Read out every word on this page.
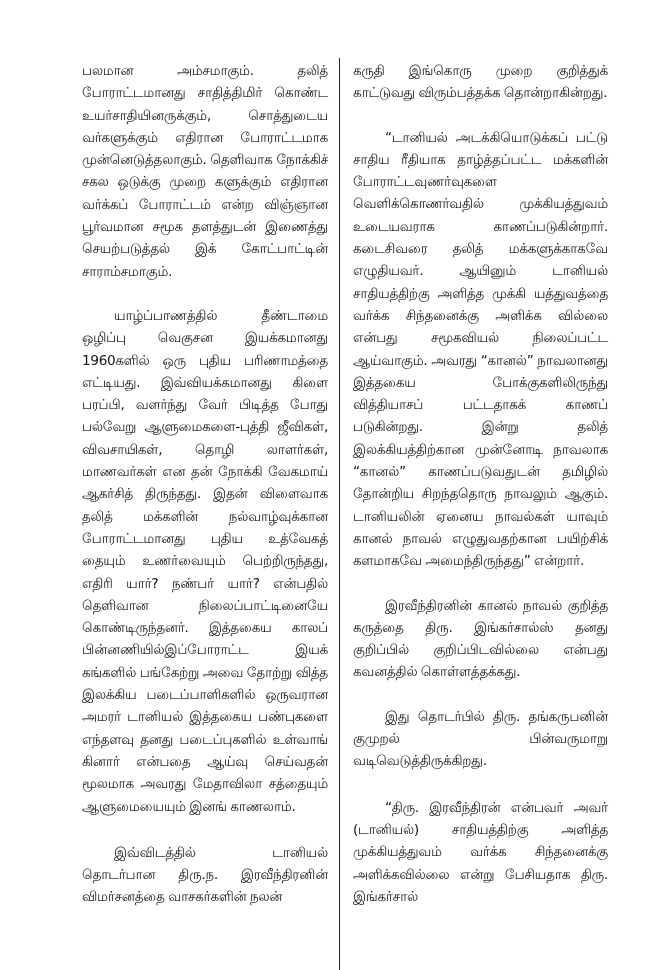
பலமான அம்சமாகும். தலித் போராட்டமானது சாதித்திமிர் கொண்ட உயர்சாதியினருக்கும், சொத்துடைய வர்களுக்கும் எதிரான போராட்டமாக முன்னெடுத்தலாகும். தெளிவாக நோக்கிச் சகல ஒடுக்கு முறை களுக்கும் எதிரான வர்க்கப் போராட்டம் என்ற விஞ்ஞான பூர்வமான சமூக தளத்துடன் இணைத்து செயற்படுத்தல் இக் கோட்பாட்டின் சாராம்சமாகும்.

யாழ்ப்பாணத்தில் தீண்டாமை ஒழிப்பு வெகுசன இயக்கமானது 1960களில் ஒரு புதிய பரிணாமத்தை எட்டியது. இவ்வியக்கமானது கிளை பரப்பி, வளர்ந்து வேர் பிடித்த போது பல்வேறு ஆளுமைகளை-புத்தி ஜீவிகள், விவசாயிகள், தொழி லாளர்கள், மாணவர்கள் என தன் நோக்கி வேகமாய் ஆகர்சித் திருந்தது. இதன் விளைவாக தலித் மக்களின் நல்வாழ்வுக்கான போராட்டமானது புதிய உத்வேகத் தையும் உணர்வையும் பெற்றிருந்தது, எதிரி யார்? நண்பர் யார்? என்பதில் தெளிவான நிலைப்பாட்டினையே கொண்டிருந்தனர். இத்தகைய காலப் பின்னணியில்இப்போராட்ட இயக் கங்களில் பங்கேற்று அவை தோற்று வித்த இலக்கிய படைப்பாளிகளில் ஒருவரான அமரர் டானியல் இத்தகைய பண்புகளை எந்தளவு தனது படைப்புகளில் உள்வாங் கினார் என்பதை ஆய்வு செய்வதன் மூலமாக அவரது மேதாவிலா சத்தையும் ஆளுமையையும் இனங் காணலாம்.

இவ்விடத்தில் டானியல் தொடர்பான திரு.ந. இரவீந்திரனின் விமர்சனத்தை வாசகர்களின் நலன்

கருதி இங்கொரு முறை குறித்துக் காட்டுவது விரும்பத்தக்க தொன்றாகின்றது.

“டானியல் அடக்கியொடுக்கப் பட்டு சாதிய ரீதியாக தாழ்த்தப்பட்ட மக்களின் போராட்டவுணர்வுகளை வெளிக்கொணர்வதில் முக்கியத்துவம் உடையவராக காணப்படுகின்றார். கடைசிவரை தலித் மக்களுக்காகவே எழுதியவர். ஆயினும் டானியல் சாதியத்திற்கு அளித்த முக்கி யத்துவத்தை வர்க்க சிந்தனைக்கு அளிக்க வில்லை என்பது சமூகவியல் நிலைப்பட்ட ஆய்வாகும். அவரது “கானல்” நாவலானது இத்தகைய போக்குகளிலிருந்து வித்தியாசப் பட்டதாகக் காணப் படுகின்றது. இன்று தலித் இலக்கியத்திற்கான முன்னோடி நாவலாக “கானல்” காணப்படுவதுடன் தமிழில் தோன்றிய சிறந்ததொரு நாவலும் ஆகும். டானியலின் ஏனைய நாவல்கள் யாவும் கானல் நாவல் எழுதுவதற்கான பயிற்சிக் களமாகவே அமைந்திருந்தது” என்றார்.

இரவீந்திரனின் கானல் நாவல் குறித்த கருத்தை திரு. இங்கர்சால்ஸ் தனது குறிப்பில் குறிப்பிடவில்லை என்பது கவனத்தில் கொள்ளத்தக்கது.

இது தொடர்பில் திரு. தங்கருபனின் குமுறல் பின்வருமாறு வடிவெடுத்திருக்கிறது.

“திரு. இரவீந்திரன் என்பவர் அவர் (டானியல்) சாதியத்திற்கு அளித்த முக்கியத்துவம் வர்க்க சிந்தனைக்கு அளிக்கவில்லை என்று பேசியதாக திரு. இங்கர்சால்
